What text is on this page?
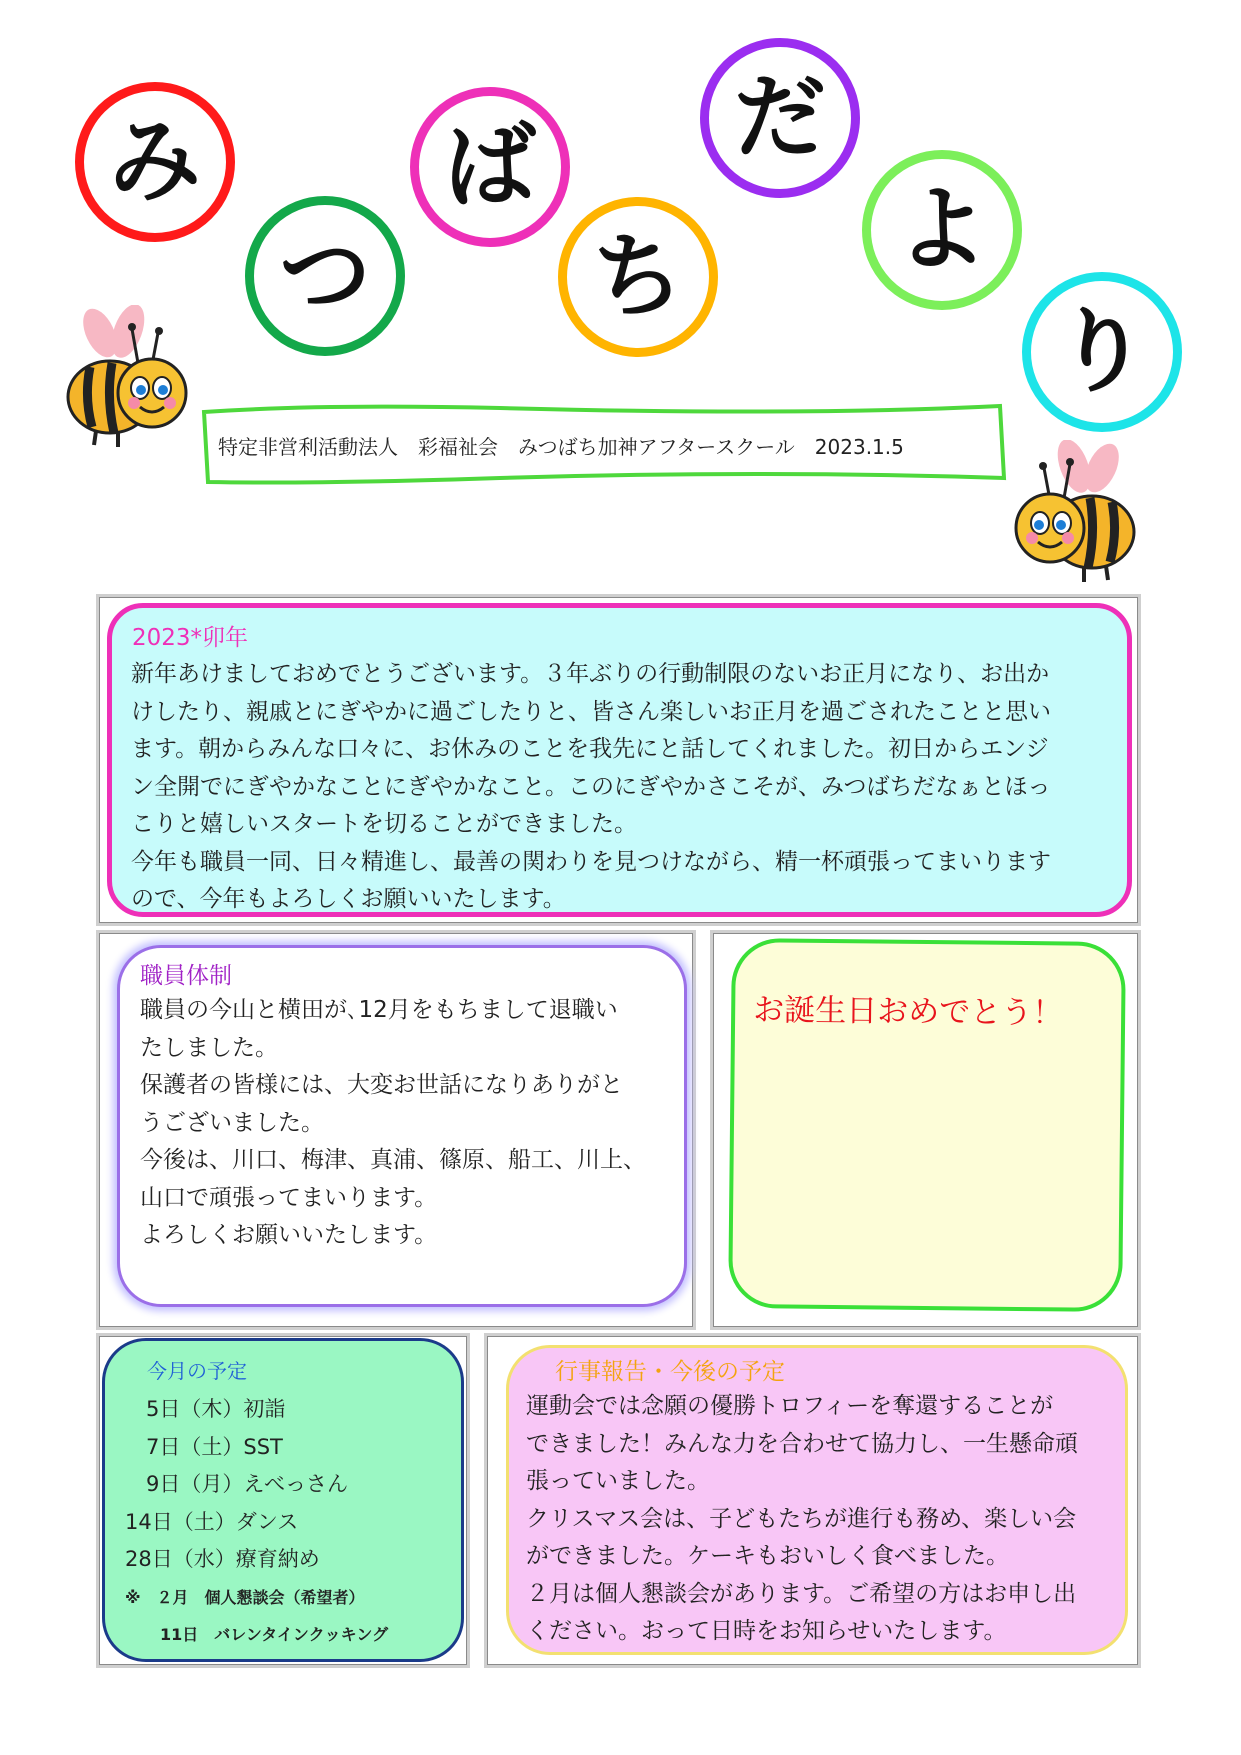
み
つ
ば
ち
だ
よ
り
特定非営利活動法人　彩福祉会　みつばち加神アフタースクール　2023.1.5
2023*卯年
新年あけましておめでとうございます。３年ぶりの行動制限のないお正月になり、お出か
けしたり、親戚とにぎやかに過ごしたりと、皆さん楽しいお正月を過ごされたことと思い
ます。朝からみんな口々に、お休みのことを我先にと話してくれました。初日からエンジ
ン全開でにぎやかなことにぎやかなこと。このにぎやかさこそが、みつばちだなぁとほっ
こりと嬉しいスタートを切ることができました。
今年も職員一同、日々精進し、最善の関わりを見つけながら、精一杯頑張ってまいります
ので、今年もよろしくお願いいたします。
職員体制
職員の今山と横田が､12月をもちまして退職い
たしました。
保護者の皆様には、大変お世話になりありがと
うございました。
今後は、川口、梅津、真浦、篠原、船工、川上、
山口で頑張ってまいります。
よろしくお願いいたします。
お誕生日おめでとう！
今月の予定
5日（木）初詣
7日（土）SST
9日（月）えべっさん
14日（土）ダンス
28日（水）療育納め
※　２月　個人懇談会（希望者）
11日　バレンタインクッキング
行事報告・今後の予定
運動会では念願の優勝トロフィーを奪還することが
できました！みんな力を合わせて協力し、一生懸命頑
張っていました。
クリスマス会は、子どもたちが進行も務め、楽しい会
ができました。ケーキもおいしく食べました。
２月は個人懇談会があります。ご希望の方はお申し出
ください。おって日時をお知らせいたします。
